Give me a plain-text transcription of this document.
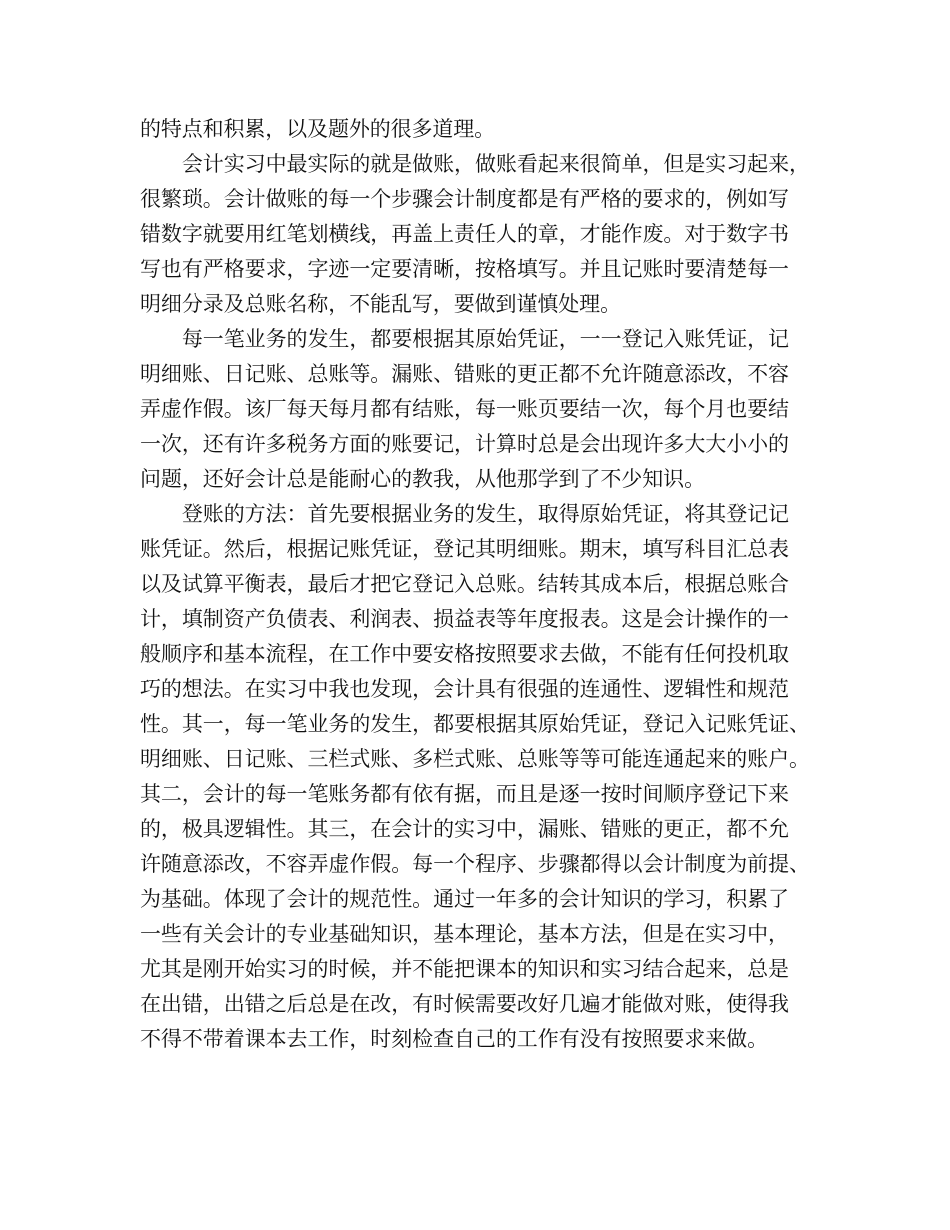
的特点和积累，以及题外的很多道理。
　　会计实习中最实际的就是做账，做账看起来很简单，但是实习起来，
很繁琐。会计做账的每一个步骤会计制度都是有严格的要求的，例如写
错数字就要用红笔划横线，再盖上责任人的章，才能作废。对于数字书
写也有严格要求，字迹一定要清晰，按格填写。并且记账时要清楚每一
明细分录及总账名称，不能乱写，要做到谨慎处理。
　　每一笔业务的发生，都要根据其原始凭证，一一登记入账凭证，记
明细账、日记账、总账等。漏账、错账的更正都不允许随意添改，不容
弄虚作假。该厂每天每月都有结账，每一账页要结一次，每个月也要结
一次，还有许多税务方面的账要记，计算时总是会出现许多大大小小的
问题，还好会计总是能耐心的教我，从他那学到了不少知识。
　　登账的方法：首先要根据业务的发生，取得原始凭证，将其登记记
账凭证。然后，根据记账凭证，登记其明细账。期末，填写科目汇总表
以及试算平衡表，最后才把它登记入总账。结转其成本后，根据总账合
计，填制资产负债表、利润表、损益表等年度报表。这是会计操作的一
般顺序和基本流程，在工作中要安格按照要求去做，不能有任何投机取
巧的想法。在实习中我也发现，会计具有很强的连通性、逻辑性和规范
性。其一，每一笔业务的发生，都要根据其原始凭证，登记入记账凭证、
明细账、日记账、三栏式账、多栏式账、总账等等可能连通起来的账户。
其二，会计的每一笔账务都有依有据，而且是逐一按时间顺序登记下来
的，极具逻辑性。其三，在会计的实习中，漏账、错账的更正，都不允
许随意添改，不容弄虚作假。每一个程序、步骤都得以会计制度为前提、
为基础。体现了会计的规范性。通过一年多的会计知识的学习，积累了
一些有关会计的专业基础知识，基本理论，基本方法，但是在实习中，
尤其是刚开始实习的时候，并不能把课本的知识和实习结合起来，总是
在出错，出错之后总是在改，有时候需要改好几遍才能做对账，使得我
不得不带着课本去工作，时刻检查自己的工作有没有按照要求来做。
